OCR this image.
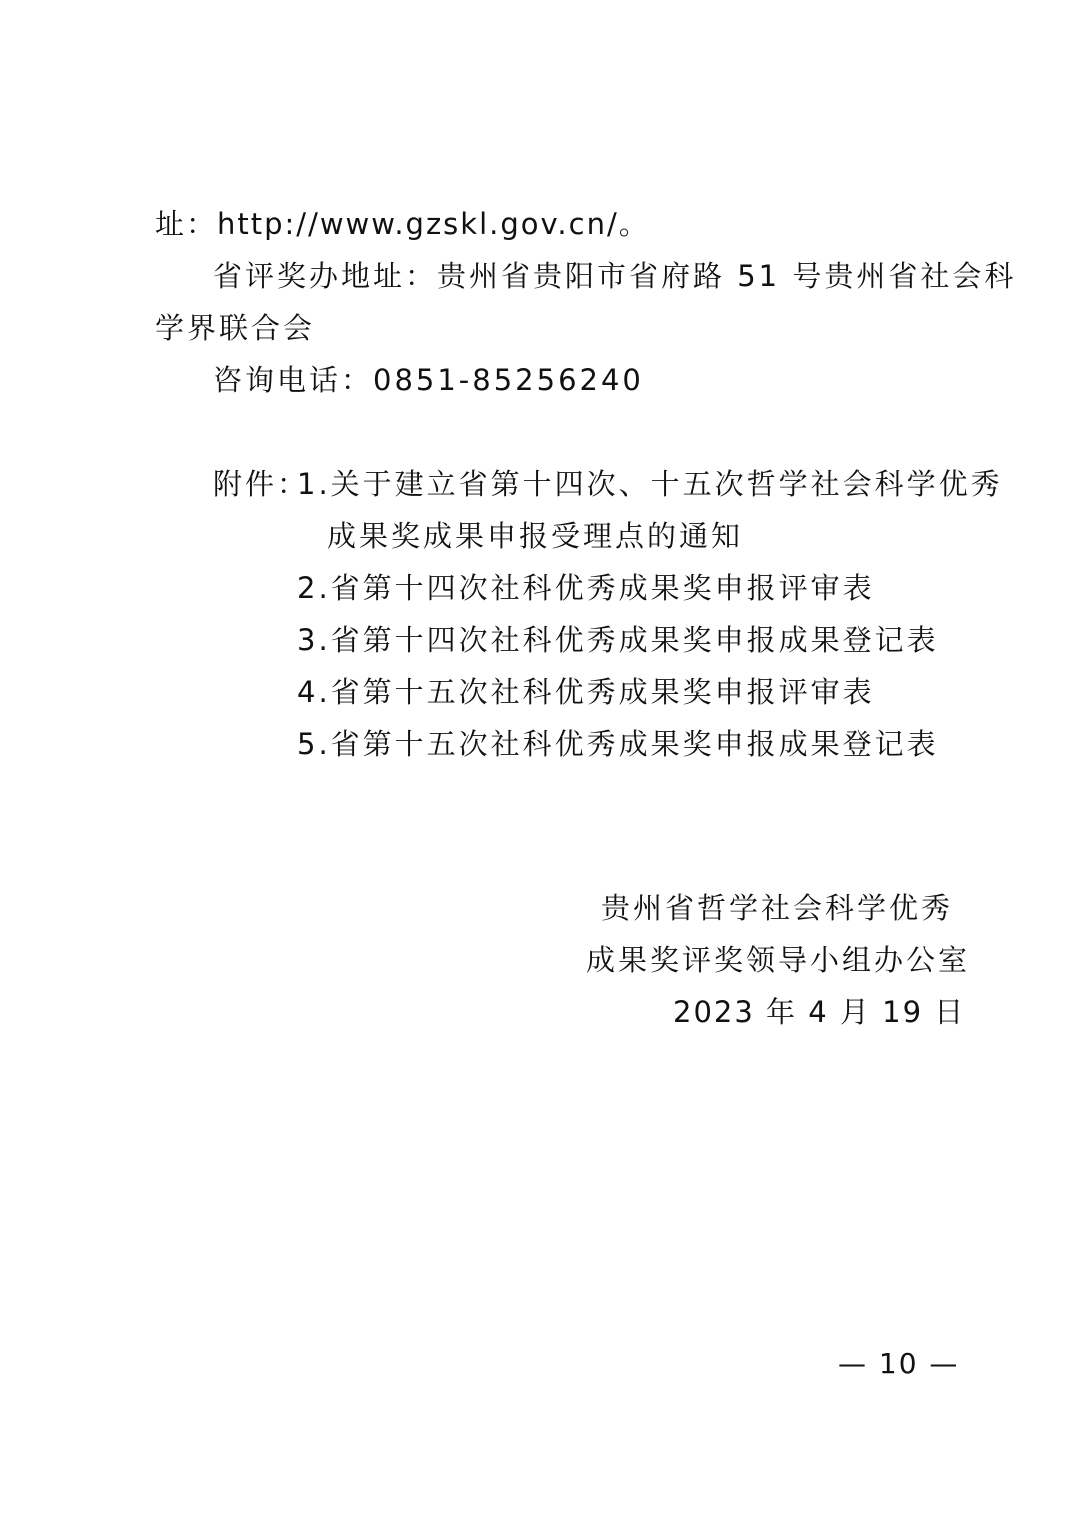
址：http://www.gzskl.gov.cn/。
省评奖办地址：贵州省贵阳市省府路 51 号贵州省社会科
学界联合会
咨询电话：0851-85256240
附件：
1.关于建立省第十四次、十五次哲学社会科学优秀
成果奖成果申报受理点的通知
2.省第十四次社科优秀成果奖申报评审表
3.省第十四次社科优秀成果奖申报成果登记表
4.省第十五次社科优秀成果奖申报评审表
5.省第十五次社科优秀成果奖申报成果登记表
贵州省哲学社会科学优秀
成果奖评奖领导小组办公室
2023 年 4 月 19 日
— 10 —
